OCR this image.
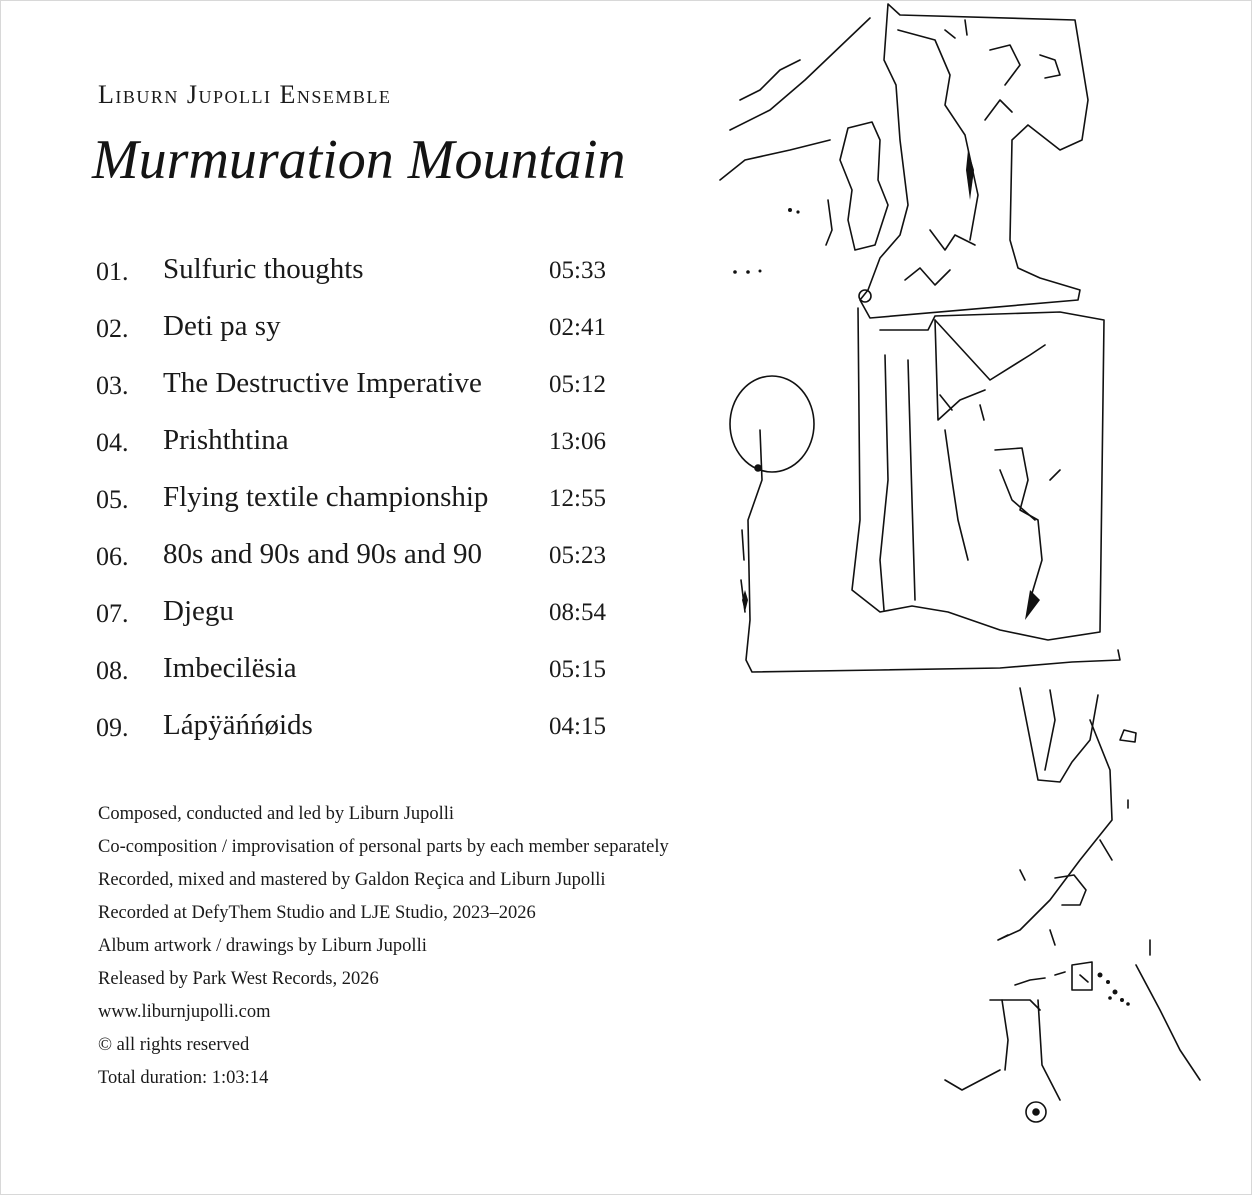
Liburn Jupolli Ensemble
Murmuration Mountain
01. Sulfuric thoughts	05:33
02. Deti pa sy	02:41
03. The Destructive Imperative	05:12
04. Prishthtina	13:06
05. Flying textile championship 12:55
06. 80s and 90s and 90s and 90	05:23
07. Djegu	08:54
08. Imbecilësia	05:15
09. Lápÿäńńøids	04:15
Composed, conducted and led by Liburn Jupolli
Co-composition / improvisation of personal parts by each member separately
Recorded, mixed and mastered by Galdon Reçica and Liburn Jupolli
Recorded at DefyThem Studio and LJE Studio, 2023–2026
Album artwork / drawings by Liburn Jupolli
Released by Park West Records, 2026
www.liburnjupolli.com
© all rights reserved
Total duration: 1:03:14
